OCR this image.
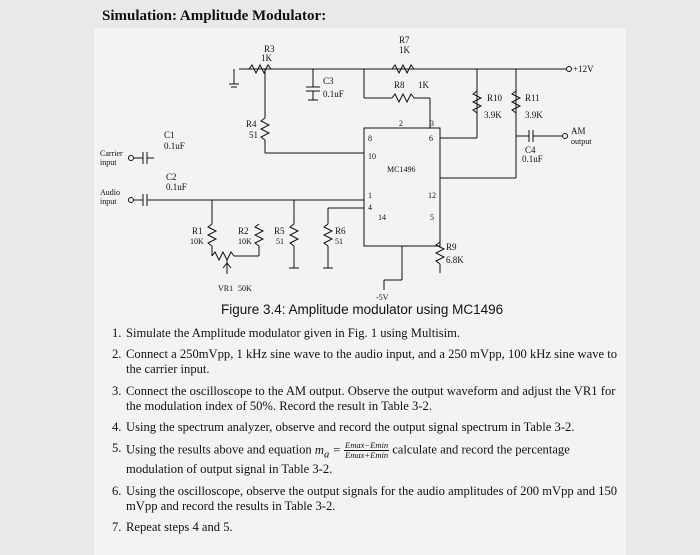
Simulation: Amplitude Modulator:
R3
1K
R7
1K
R8 1K
C3
0.1uF
R4
51
R10
3.9K
R11
3.9K
C4
0.1uF
+12V
AM
output
C1
0.1uF
Carrier
input
C2
0.1uF
Audio
input
R1
10K
R2
10K
R5
51
R6
51
R9
6.8K
VR1 50K
-5V
MC1496
2	3
8
10
6
1
4
14
12
5
Figure 3.4: Amplitude modulator using MC1496
1. Simulate the Amplitude modulator given in Fig. 1 using Multisim.
2. Connect a 250mVpp, 1 kHz sine wave to the audio input, and a 250 mVpp, 100 kHz sine wave to the carrier input.
3. Connect the oscilloscope to the AM output. Observe the output waveform and adjust the VR1 for the modulation index of 50%. Record the result in Table 3-2.
4. Using the spectrum analyzer, observe and record the output signal spectrum in Table 3-2.
5. Using the results above and equation $m_a = \frac{Emax-Emin}{Emax+Emin}$ calculate and record the percentage modulation of output signal in Table 3-2.
6. Using the oscilloscope, observe the output signals for the audio amplitudes of 200 mVpp and 150 mVpp and record the results in Table 3-2.
7. Repeat steps 4 and 5.
